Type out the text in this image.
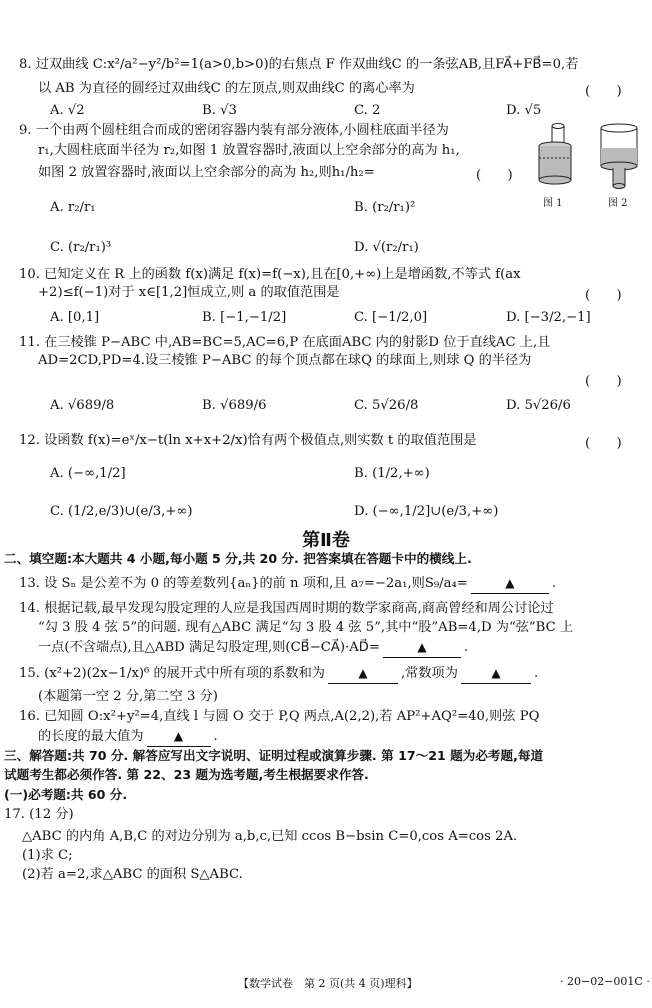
8. 过双曲线 C:x²/a²−y²/b²=1(a>0,b>0)的右焦点 F 作双曲线C 的一条弦AB,且FA⃗+FB⃗=0,若
以 AB 为直径的圆经过双曲线C 的左顶点,则双曲线C 的离心率为	(　　)
A. √2	B. √3	C. 2	D. √5
9. 一个由两个圆柱组合而成的密闭容器内装有部分液体,小圆柱底面半径为
r₁,大圆柱底面半径为 r₂,如图 1 放置容器时,液面以上空余部分的高为 h₁,
如图 2 放置容器时,液面以上空余部分的高为 h₂,则h₁/h₂=	(　　)
A. r₂/r₁	B. (r₂/r₁)²
C. (r₂/r₁)³	D. √(r₂/r₁)
图 1	图 2
10. 已知定义在 R 上的函数 f(x)满足 f(x)=f(−x),且在[0,+∞)上是增函数,不等式 f(ax
+2)≤f(−1)对于 x∈[1,2]恒成立,则 a 的取值范围是	(　　)
A. [0,1]	B. [−1,−1/2]	C. [−1/2,0]	D. [−3/2,−1]
11. 在三棱锥 P−ABC 中,AB=BC=5,AC=6,P 在底面ABC 内的射影D 位于直线AC 上,且
AD=2CD,PD=4.设三棱锥 P−ABC 的每个顶点都在球Q 的球面上,则球 Q 的半径为
(　　)
A. √689/8	B. √689/6	C. 5√26/8	D. 5√26/6
12. 设函数 f(x)=eˣ/x−t(ln x+x+2/x)恰有两个极值点,则实数 t 的取值范围是	(　　)
A. (−∞,1/2]	B. (1/2,+∞)
C. (1/2,e/3)∪(e/3,+∞)	D. (−∞,1/2]∪(e/3,+∞)
第Ⅱ卷
二、填空题:本大题共 4 小题,每小题 5 分,共 20 分. 把答案填在答题卡中的横线上.
13. 设 Sₙ 是公差不为 0 的等差数列{aₙ}的前 n 项和,且 a₇=−2a₁,则S₉/a₄=	▲	.
14. 根据记载,最早发现勾股定理的人应是我国西周时期的数学家商高,商高曾经和周公讨论过
“勾 3 股 4 弦 5”的问题. 现有△ABC 满足“勾 3 股 4 弦 5”,其中“股”AB=4,D 为“弦”BC 上
一点(不含端点),且△ABD 满足勾股定理,则(CB⃗−CA⃗)·AD⃗=	▲	.
15. (x²+2)(2x−1/x)⁶ 的展开式中所有项的系数和为	▲	,常数项为	▲	.
(本题第一空 2 分,第二空 3 分)
16. 已知圆 O:x²+y²=4,直线 l 与圆 O 交于 P,Q 两点,A(2,2),若 AP²+AQ²=40,则弦 PQ
的长度的最大值为	▲ .
三、解答题:共 70 分. 解答应写出文字说明、证明过程或演算步骤. 第 17～21 题为必考题,每道
试题考生都必须作答. 第 22、23 题为选考题,考生根据要求作答.
(一)必考题:共 60 分.
17. (12 分)
△ABC 的内角 A,B,C 的对边分别为 a,b,c,已知 ccos B−bsin C=0,cos A=cos 2A.
(1)求 C;
(2)若 a=2,求△ABC 的面积 S△ABC.
【数学试卷　第 2 页(共 4 页)理科】	· 20−02−001C ·
